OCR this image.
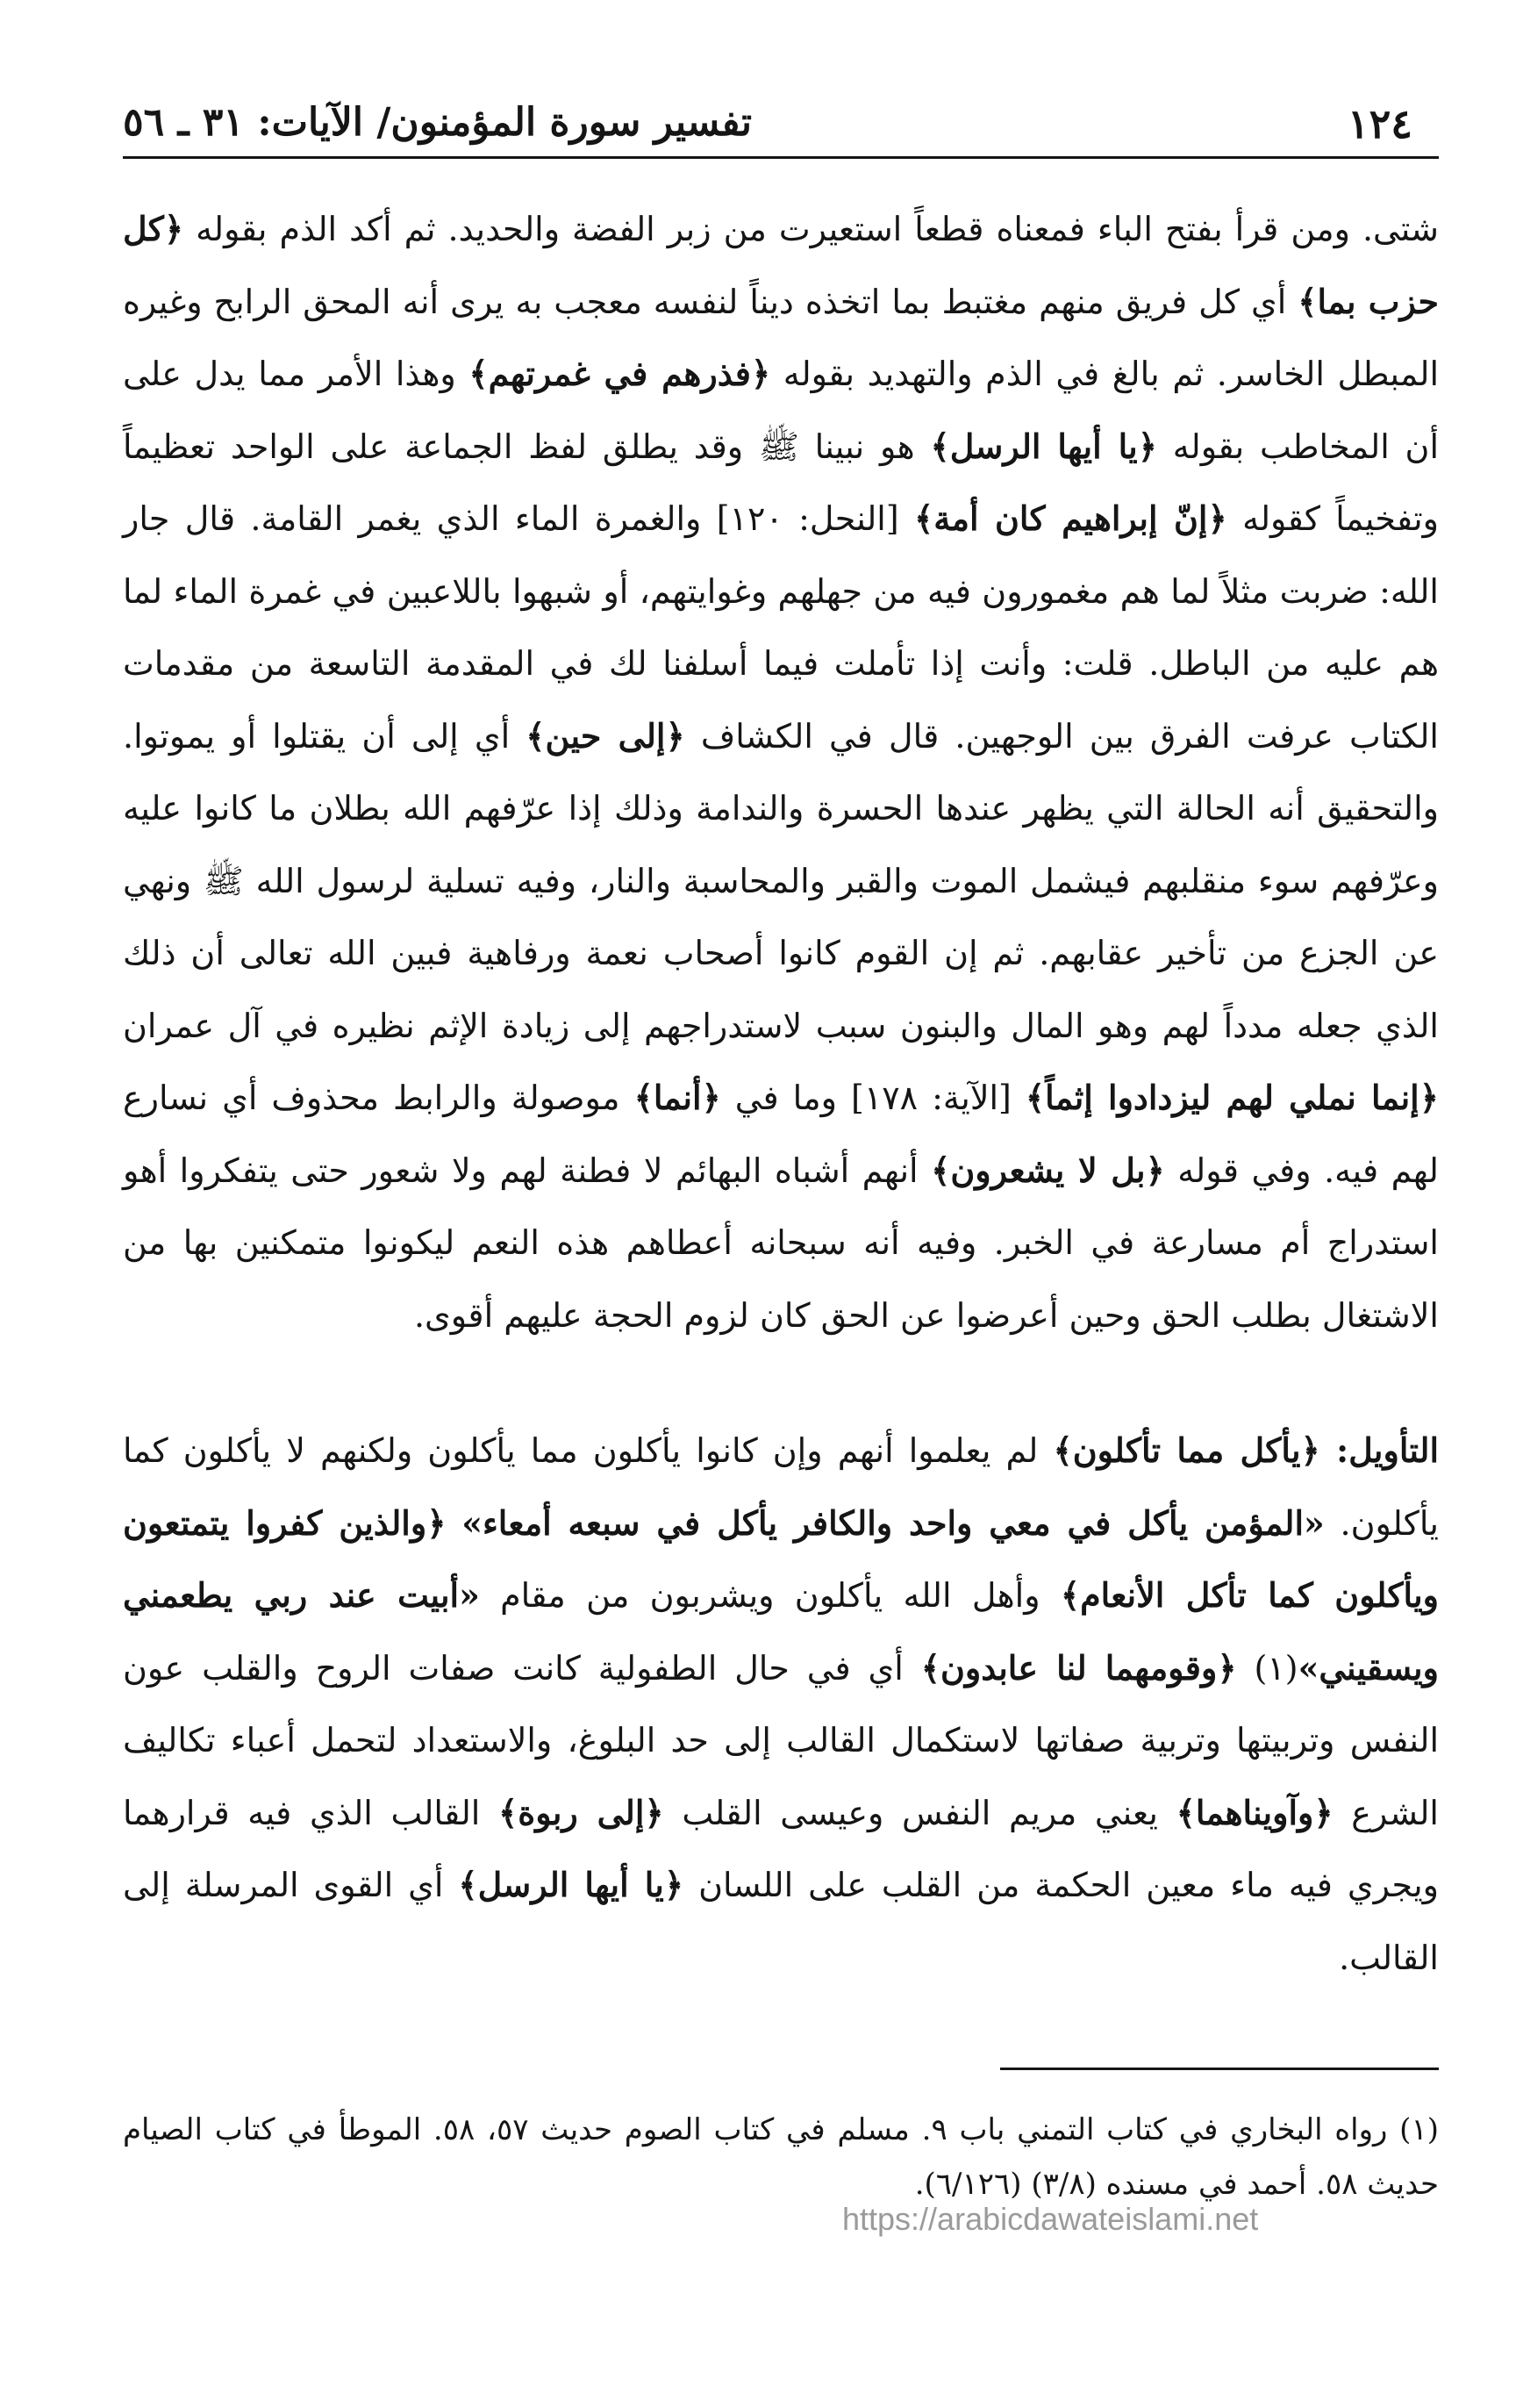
١٢٤
تفسير سورة المؤمنون/ الآيات: ٣١ ـ ٥٦

شتى. ومن قرأ بفتح الباء فمعناه قطعاً استعيرت من زبر الفضة والحديد. ثم أكد الذم بقوله ﴿كل حزب بما﴾ أي كل فريق منهم مغتبط بما اتخذه ديناً لنفسه معجب به يرى أنه المحق الرابح وغيره المبطل الخاسر. ثم بالغ في الذم والتهديد بقوله ﴿فذرهم في غمرتهم﴾ وهذا الأمر مما يدل على أن المخاطب بقوله ﴿يا أيها الرسل﴾ هو نبينا ﷺ وقد يطلق لفظ الجماعة على الواحد تعظيماً وتفخيماً كقوله ﴿إنّ إبراهيم كان أمة﴾ [النحل: ١٢٠] والغمرة الماء الذي يغمر القامة. قال جار الله: ضربت مثلاً لما هم مغمورون فيه من جهلهم وغوايتهم، أو شبهوا باللاعبين في غمرة الماء لما هم عليه من الباطل. قلت: وأنت إذا تأملت فيما أسلفنا لك في المقدمة التاسعة من مقدمات الكتاب عرفت الفرق بين الوجهين. قال في الكشاف ﴿إلى حين﴾ أي إلى أن يقتلوا أو يموتوا. والتحقيق أنه الحالة التي يظهر عندها الحسرة والندامة وذلك إذا عرّفهم الله بطلان ما كانوا عليه وعرّفهم سوء منقلبهم فيشمل الموت والقبر والمحاسبة والنار، وفيه تسلية لرسول الله ﷺ ونهي عن الجزع من تأخير عقابهم. ثم إن القوم كانوا أصحاب نعمة ورفاهية فبين الله تعالى أن ذلك الذي جعله مدداً لهم وهو المال والبنون سبب لاستدراجهم إلى زيادة الإثم نظيره في آل عمران ﴿إنما نملي لهم ليزدادوا إثماً﴾ [الآية: ١٧٨] وما في ﴿أنما﴾ موصولة والرابط محذوف أي نسارع لهم فيه. وفي قوله ﴿بل لا يشعرون﴾ أنهم أشباه البهائم لا فطنة لهم ولا شعور حتى يتفكروا أهو استدراج أم مسارعة في الخبر. وفيه أنه سبحانه أعطاهم هذه النعم ليكونوا متمكنين بها من الاشتغال بطلب الحق وحين أعرضوا عن الحق كان لزوم الحجة عليهم أقوى.

التأويل: ﴿يأكل مما تأكلون﴾ لم يعلموا أنهم وإن كانوا يأكلون مما يأكلون ولكنهم لا يأكلون كما يأكلون. «المؤمن يأكل في معي واحد والكافر يأكل في سبعه أمعاء» ﴿والذين كفروا يتمتعون ويأكلون كما تأكل الأنعام﴾ وأهل الله يأكلون ويشربون من مقام «أبيت عند ربي يطعمني ويسقيني»(١) ﴿وقومهما لنا عابدون﴾ أي في حال الطفولية كانت صفات الروح والقلب عون النفس وتربيتها وتربية صفاتها لاستكمال القالب إلى حد البلوغ، والاستعداد لتحمل أعباء تكاليف الشرع ﴿وآويناهما﴾ يعني مريم النفس وعيسى القلب ﴿إلى ربوة﴾ القالب الذي فيه قرارهما ويجري فيه ماء معين الحكمة من القلب على اللسان ﴿يا أيها الرسل﴾ أي القوى المرسلة إلى القالب.

(١) رواه البخاري في كتاب التمني باب ٩. مسلم في كتاب الصوم حديث ٥٧، ٥٨. الموطأ في كتاب الصيام حديث ٥٨. أحمد في مسنده (٣/٨) (٦/١٢٦).

https://arabicdawateislami.net
